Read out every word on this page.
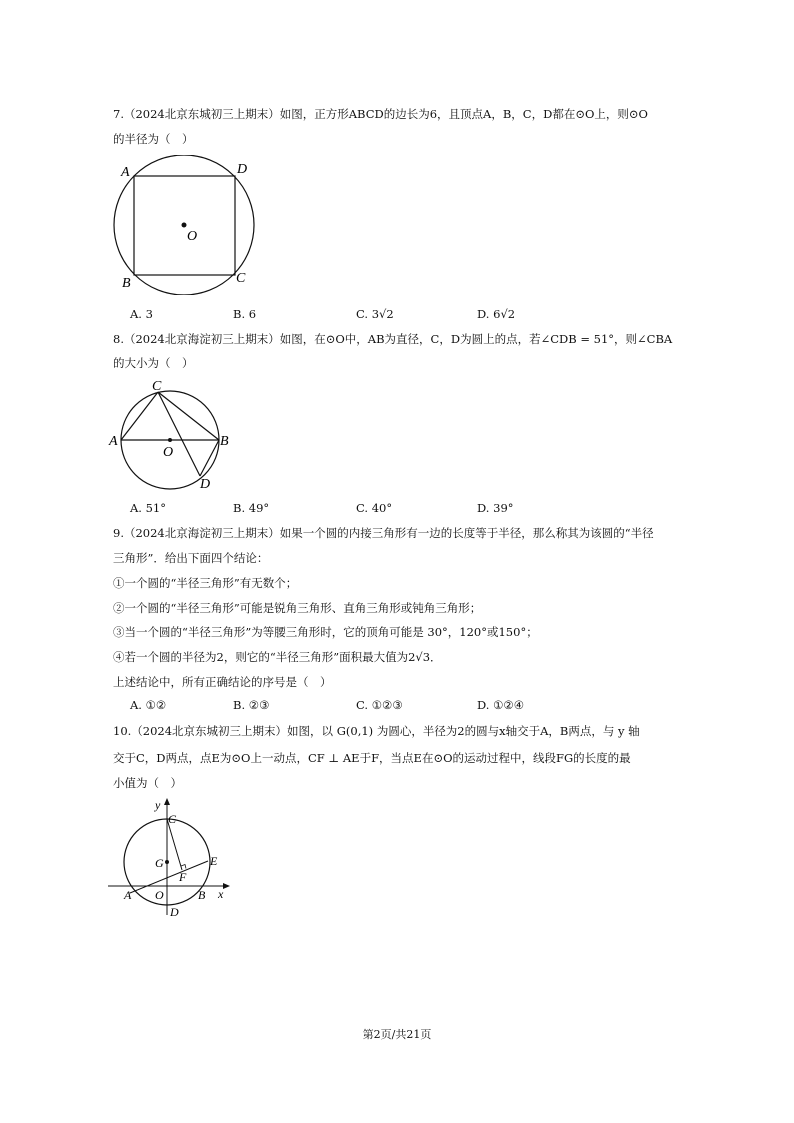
7.（2024北京东城初三上期末）如图，正方形ABCD的边长为6，且顶点A，B，C，D都在⊙O上，则⊙O
的半径为（　）
A	D
B	C
O
A. 3	B. 6	C. 3√2	D. 6√2
8.（2024北京海淀初三上期末）如图，在⊙O中，AB为直径，C，D为圆上的点，若∠CDB = 51°，则∠CBA
的大小为（　）
C
A	B
O
D
A. 51°	B. 49°	C. 40°	D. 39°
9.（2024北京海淀初三上期末）如果一个圆的内接三角形有一边的长度等于半径，那么称其为该圆的“半径
三角形”．给出下面四个结论：
①一个圆的“半径三角形”有无数个；
②一个圆的“半径三角形”可能是锐角三角形、直角三角形或钝角三角形；
③当一个圆的“半径三角形”为等腰三角形时，它的顶角可能是 30°，120°或150°；
④若一个圆的半径为2，则它的“半径三角形”面积最大值为2√3．
上述结论中，所有正确结论的序号是（　）
A. ①②	B. ②③	C. ①②③	D. ①②④
10.（2024北京东城初三上期末）如图，以 G(0,1) 为圆心，半径为2的圆与x轴交于A，B两点，与 y 轴
交于C，D两点，点E为⊙O上一动点，CF ⊥ AE于F，当点E在⊙O的运动过程中，线段FG的长度的最
小值为（　）
y
x
C
G	E
F
A O	B
D
第2页/共21页
